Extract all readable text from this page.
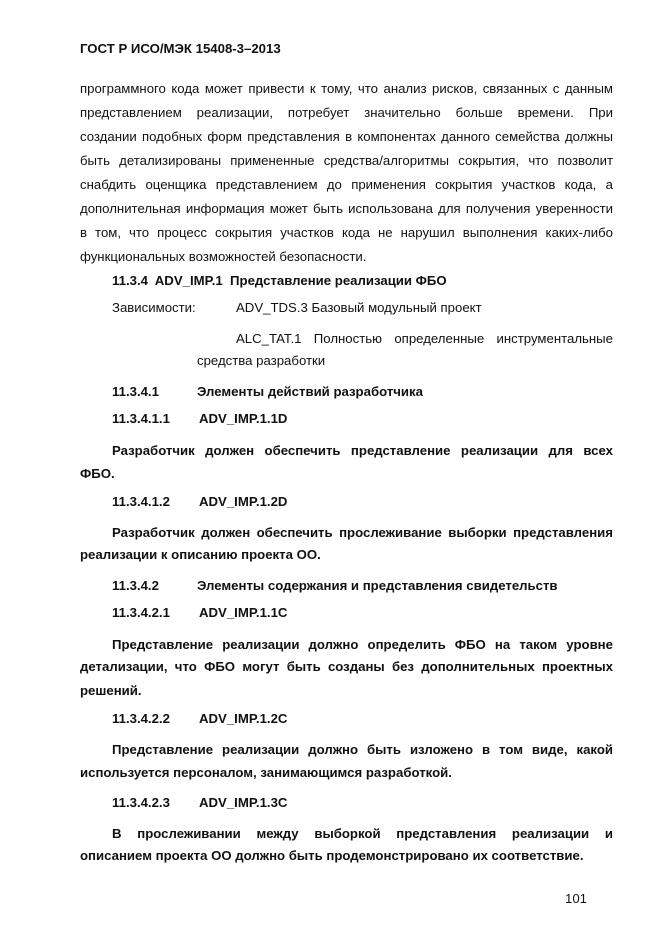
ГОСТ Р ИСО/МЭК 15408-3–2013
программного кода может привести к тому, что анализ рисков, связанных с данным
представлением реализации, потребует значительно больше времени. При
создании подобных форм представления в компонентах данного семейства должны
быть детализированы примененные средства/алгоритмы сокрытия, что позволит
снабдить оценщика представлением до применения сокрытия участков кода, а
дополнительная информация может быть использована для получения уверенности
в том, что процесс сокрытия участков кода не нарушил выполнения каких-либо
функциональных возможностей безопасности.
11.3.4 ADV_IMP.1 Представление реализации ФБО
Зависимости:	ADV_TDS.3 Базовый модульный проект
ALC_TAT.1 Полностью определенные инструментальные
средства разработки
11.3.4.1	Элементы действий разработчика
11.3.4.1.1 ADV_IMP.1.1D
Разработчик должен обеспечить представление реализации для всех
ФБО.
11.3.4.1.2 ADV_IMP.1.2D
Разработчик должен обеспечить прослеживание выборки представления
реализации к описанию проекта ОО.
11.3.4.2	Элементы содержания и представления свидетельств
11.3.4.2.1 ADV_IMP.1.1C
Представление реализации должно определить ФБО на таком уровне
детализации, что ФБО могут быть созданы без дополнительных проектных
решений.
11.3.4.2.2 ADV_IMP.1.2C
Представление реализации должно быть изложено в том виде, какой
используется персоналом, занимающимся разработкой.
11.3.4.2.3 ADV_IMP.1.3C
В прослеживании между выборкой представления реализации и
описанием проекта ОО должно быть продемонстрировано их соответствие.
101
